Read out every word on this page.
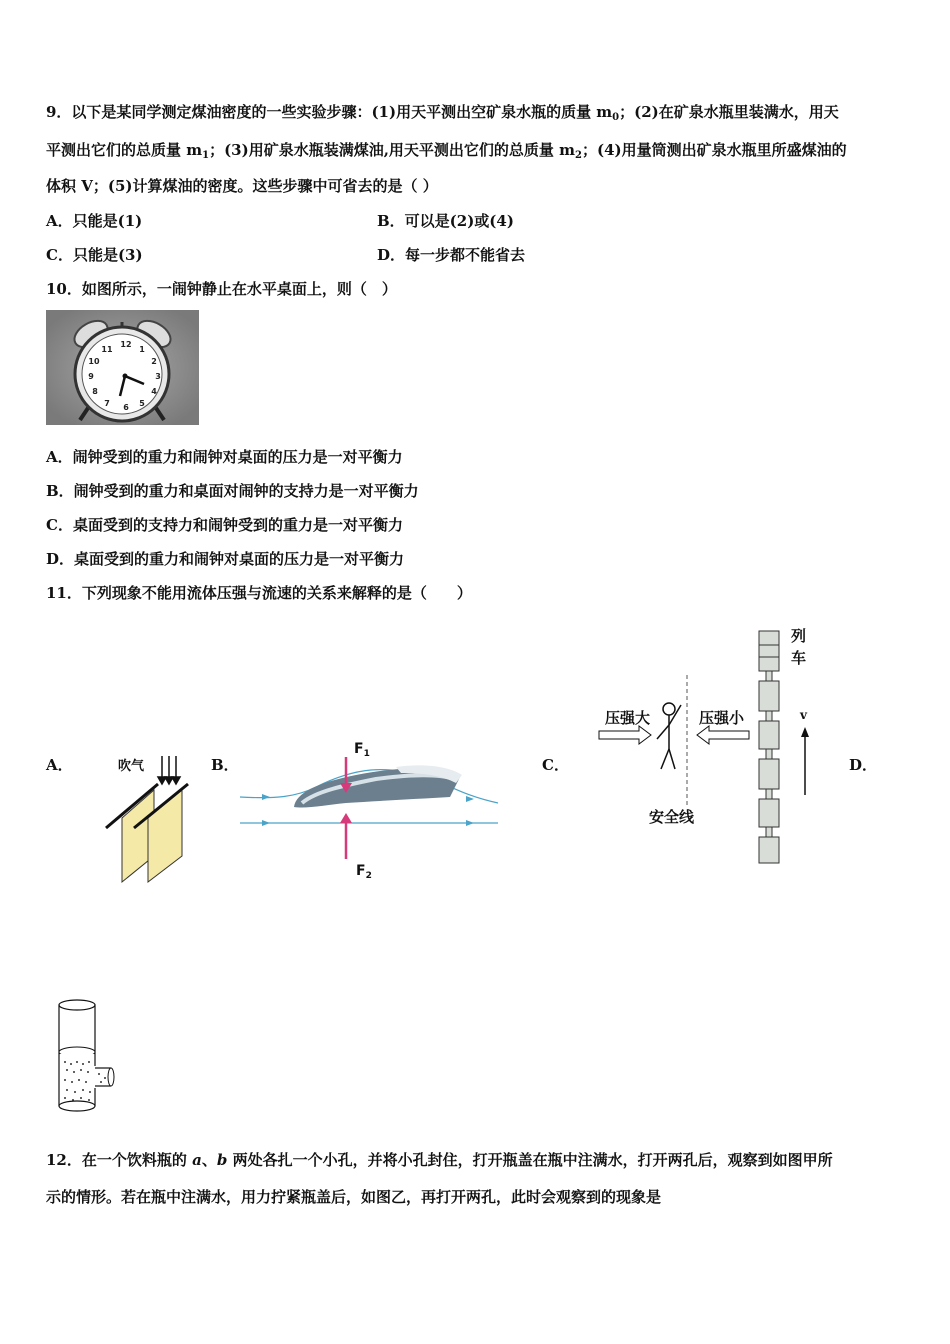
9．以下是某同学测定煤油密度的一些实验步骤：(1)用天平测出空矿泉水瓶的质量 $m_0$；(2)在矿泉水瓶里装满水，用天
平测出它们的总质量 $m_1$；(3)用矿泉水瓶装满煤油,用天平测出它们的总质量 $m_2$；(4)用量筒测出矿泉水瓶里所盛煤油的
体积 V；(5)计算煤油的密度。这些步骤中可省去的是（ ）
A．只能是(1)	B．可以是(2)或(4)
C．只能是(3)	D．每一步都不能省去
10．如图所示，一闹钟静止在水平桌面上，则（　）
12
1
2
3
4
5
6
7
8
9
10
11
A．闹钟受到的重力和闹钟对桌面的压力是一对平衡力
B．闹钟受到的重力和桌面对闹钟的支持力是一对平衡力
C．桌面受到的支持力和闹钟受到的重力是一对平衡力
D．桌面受到的重力和闹钟对桌面的压力是一对平衡力
11．下列现象不能用流体压强与流速的关系来解释的是（　　）
A．	B．	C．	D．
吹气
$F_1$
$F_2$
压强大	压强小
安全线
列
车
v
12．在一个饮料瓶的 a、b 两处各扎一个小孔，并将小孔封住，打开瓶盖在瓶中注满水，打开两孔后，观察到如图甲所
示的情形。若在瓶中注满水，用力拧紧瓶盖后，如图乙，再打开两孔，此时会观察到的现象是
